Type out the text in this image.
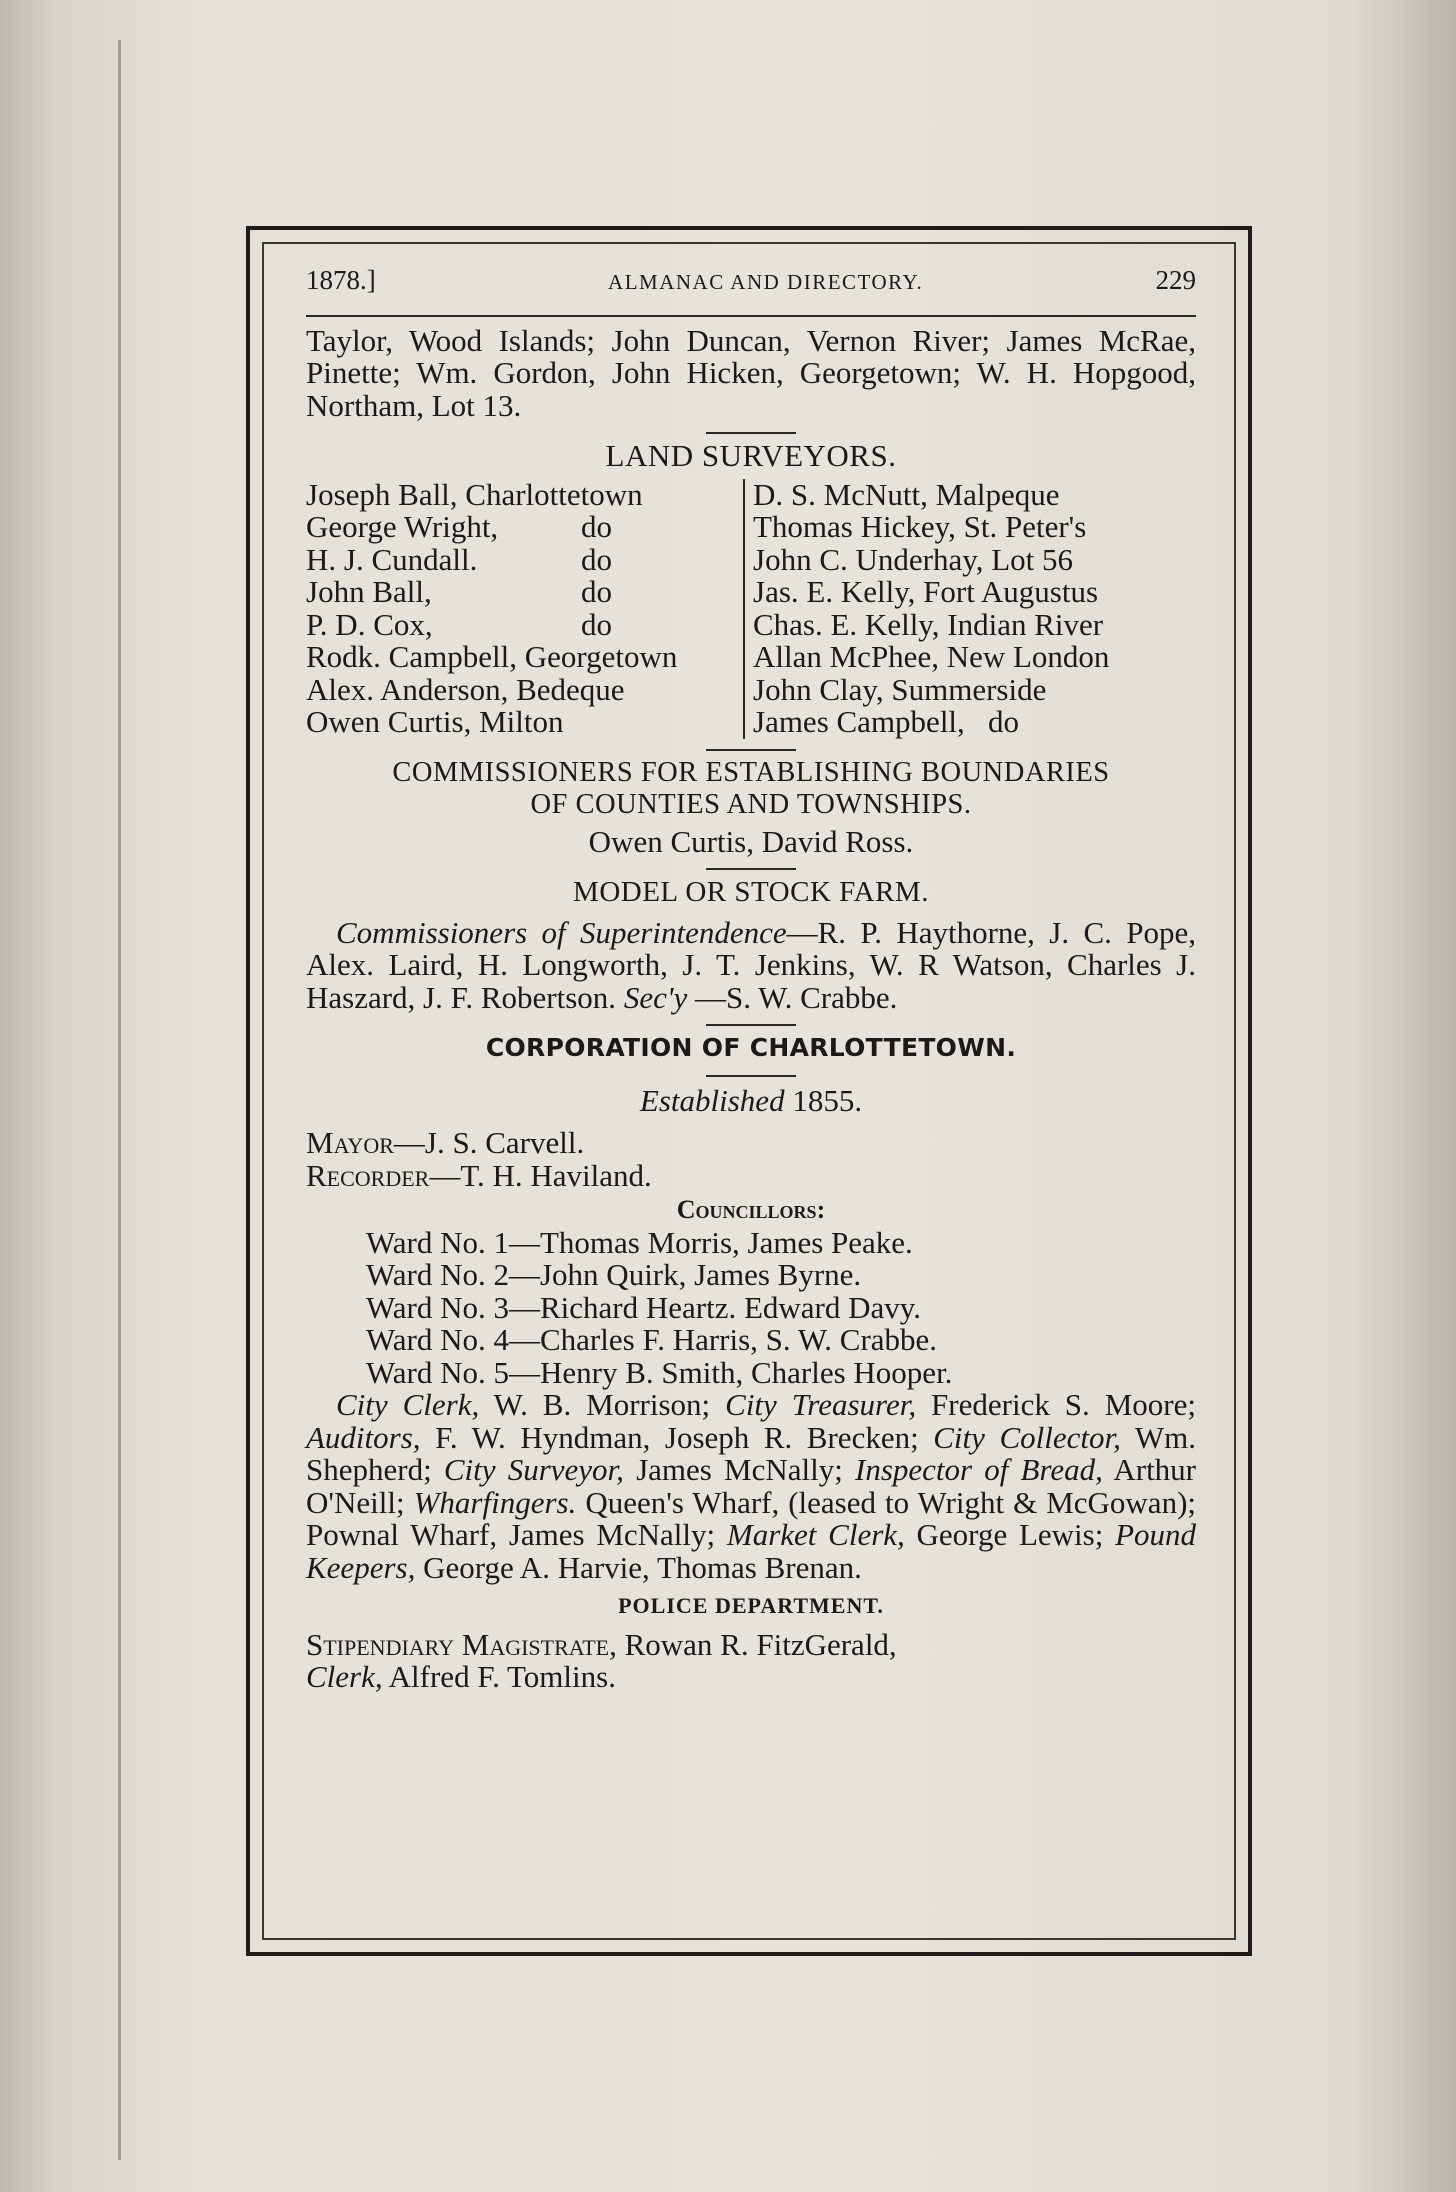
1878.]	ALMANAC AND DIRECTORY.	229

Taylor, Wood Islands; John Duncan, Vernon River; James McRae, Pinette; Wm. Gordon, John Hicken, Georgetown; W. H. Hopgood, Northam, Lot 13.

LAND SURVEYORS.
Joseph Ball, Charlottetown
George Wright,	do
H. J. Cundall.	do
John Ball,	do
P. D. Cox,	do
Rodk. Campbell, Georgetown
Alex. Anderson, Bedeque
Owen Curtis, Milton
D. S. McNutt, Malpeque
Thomas Hickey, St. Peter's
John C. Underhay, Lot 56
Jas. E. Kelly, Fort Augustus
Chas. E. Kelly, Indian River
Allan McPhee, New London
John Clay, Summerside
James Campbell,   do
COMMISSIONERS FOR ESTABLISHING BOUNDARIES
OF COUNTIES AND TOWNSHIPS.
Owen Curtis, David Ross.
MODEL OR STOCK FARM.

Commissioners of Superintendence—R. P. Haythorne, J. C. Pope, Alex. Laird, H. Longworth, J. T. Jenkins, W. R Watson, Charles J. Haszard, J. F. Robertson. Sec'y —S. W. Crabbe.

CORPORATION OF CHARLOTTETOWN.
Established 1855.
Mayor—J. S. Carvell.
Recorder—T. H. Haviland.
Councillors:
Ward No. 1—Thomas Morris, James Peake.
Ward No. 2—John Quirk, James Byrne.
Ward No. 3—Richard Heartz. Edward Davy.
Ward No. 4—Charles F. Harris, S. W. Crabbe.
Ward No. 5—Henry B. Smith, Charles Hooper.

City Clerk, W. B. Morrison; City Treasurer, Frederick S. Moore; Auditors, F. W. Hyndman, Joseph R. Brecken; City Collector, Wm. Shepherd; City Surveyor, James McNally; Inspector of Bread, Arthur O'Neill; Wharfingers. Queen's Wharf, (leased to Wright & McGowan); Pownal Wharf, James McNally; Market Clerk, George Lewis; Pound Keepers, George A. Harvie, Thomas Brenan.

POLICE DEPARTMENT.
Stipendiary Magistrate, Rowan R. FitzGerald,
Clerk, Alfred F. Tomlins.
